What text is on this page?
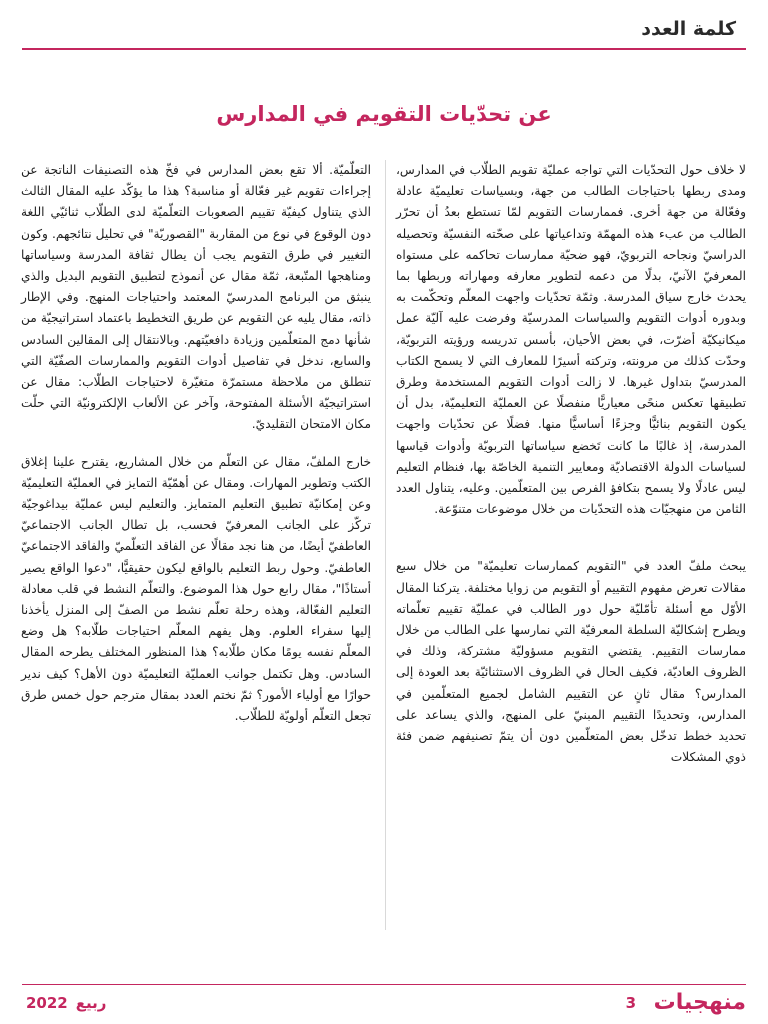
كلمة العدد
عن تحدّيات التقويم في المدارس

لا خلاف حول التحدّيات التي تواجه عمليّة تقويم الطلّاب في المدارس، ومدى ربطها باحتياجات الطالب من جهة، وبسياسات تعليميّة عادلة وفعّالة من جهة أخرى. فممارسات التقويم لمّا تستطع بعدُ أن تحرّر الطالب من عبء هذه المهمّة وتداعياتها على صحّته النفسيّة وتحصيله الدراسيّ ونجاحه التربويّ، فهو ضحيّة ممارسات تحاكمه على مستواه المعرفيّ الآنيّ، بدلًا من دعمه لتطوير معارفه ومهاراته وربطها بما يحدث خارج سياق المدرسة. وثمّة تحدّيات واجهت المعلّم وتحكّمت به وبدوره أدوات التقويم والسياسات المدرسيّة وفرضت عليه آليّة عمل ميكانيكيّة أضرّت، في بعض الأحيان، بأسس تدريسه ورؤيته التربويّة، وحدّت كذلك من مرونته، وتركته أسيرًا للمعارف التي لا يسمح الكتاب المدرسيّ بتداول غيرها. لا زالت أدوات التقويم المستخدمة وطرق تطبيقها تعكس منحًى معياريًّا منفصلًا عن العمليّة التعليميّة، بدل أن يكون التقويم بنائيًّا وجزءًا أساسيًّا منها. فضلًا عن تحدّيات واجهت المدرسة، إذ غالبًا ما كانت تَخضع سياساتها التربويّة وأدوات قياسها لسياسات الدولة الاقتصاديّة ومعايير التنمية الخاصّة بها، فنظام التعليم ليس عادلًا ولا يسمح بتكافؤ الفرص بين المتعلّمين. وعليه، يتناول العدد الثامن من منهجيّات هذه التحدّيات من خلال موضوعات متنوّعة.

يبحث ملفّ العدد في "التقويم كممارسات تعليميّة" من خلال سبع مقالات تعرض مفهوم التقييم أو التقويم من زوايا مختلفة. يتركنا المقال الأوّل مع أسئلة تأمّليّة حول دور الطالب في عمليّة تقييم تعلّماته ويطرح إشكاليّة السلطة المعرفيّة التي نمارسها على الطالب من خلال ممارسات التقييم. يقتضي التقويم مسؤوليّة مشتركة، وذلك في الظروف العاديّة، فكيف الحال في الظروف الاستثنائيّة بعد العودة إلى المدارس؟ مقال ثانٍ عن التقييم الشامل لجميع المتعلّمين في المدارس، وتحديدًا التقييم المبنيّ على المنهج، والذي يساعد على تحديد خطط تدخّل بعض المتعلّمين دون أن يتمّ تصنيفهم ضمن فئة ذوي المشكلات

التعلّميّة. ألا تقع بعض المدارس في فخّ هذه التصنيفات الناتجة عن إجراءات تقويم غير فعّالة أو مناسبة؟ هذا ما يؤكّد عليه المقال الثالث الذي يتناول كيفيّة تقييم الصعوبات التعلّميّة لدى الطلّاب ثنائيّي اللغة دون الوقوع في نوع من المقاربة "القصوريّة" في تحليل نتائجهم. وكون التغيير في طرق التقويم يجب أن يطال ثقافة المدرسة وسياساتها ومناهجها المتّبعة، ثمّة مقال عن أنموذج لتطبيق التقويم البديل والذي ينبثق من البرنامج المدرسيّ المعتمد واحتياجات المنهج. وفي الإطار ذاته، مقال يليه عن التقويم عن طريق التخطيط باعتماد استراتيجيّة من شأنها دمج المتعلّمين وزيادة دافعيّتهم. وبالانتقال إلى المقالين السادس والسابع، ندخل في تفاصيل أدوات التقويم والممارسات الصفّيّة التي تنطلق من ملاحظة مستمرّة متغيّرة لاحتياجات الطلّاب: مقال عن استراتيجيّة الأسئلة المفتوحة، وآخر عن الألعاب الإلكترونيّة التي حلّت مكان الامتحان التقليديّ.

خارج الملفّ، مقال عن التعلّم من خلال المشاريع، يقترح علينا إغلاق الكتب وتطوير المهارات. ومقال عن أهمّيّة التمايز في العمليّة التعليميّة وعن إمكانيّة تطبيق التعليم المتمايز. والتعليم ليس عمليّة بيداغوجيّة تركّز على الجانب المعرفيّ فحسب، بل تطال الجانب الاجتماعيّ العاطفيّ أيضًا، من هنا نجد مقالًا عن الفاقد التعلّميّ والفاقد الاجتماعيّ العاطفيّ. وحول ربط التعليم بالواقع ليكون حقيقيًّا، "دعوا الواقع يصير أستاذًا"، مقال رابع حول هذا الموضوع. والتعلّم النشط في قلب معادلة التعليم الفعّالة، وهذه رحلة تعلّم نشط من الصفّ إلى المنزل يأخذنا إليها سفراء العلوم. وهل يفهم المعلّم احتياجات طلّابه؟ هل وضع المعلّم نفسه يومًا مكان طلّابه؟ هذا المنظور المختلف يطرحه المقال السادس. وهل تكتمل جوانب العمليّة التعليميّة دون الأهل؟ كيف ندير حوارًا مع أولياء الأمور؟ ثمّ نختم العدد بمقال مترجم حول خمس طرق تجعل التعلّم أولويّة للطلّاب.

منهجيات
3
ربيع2022
